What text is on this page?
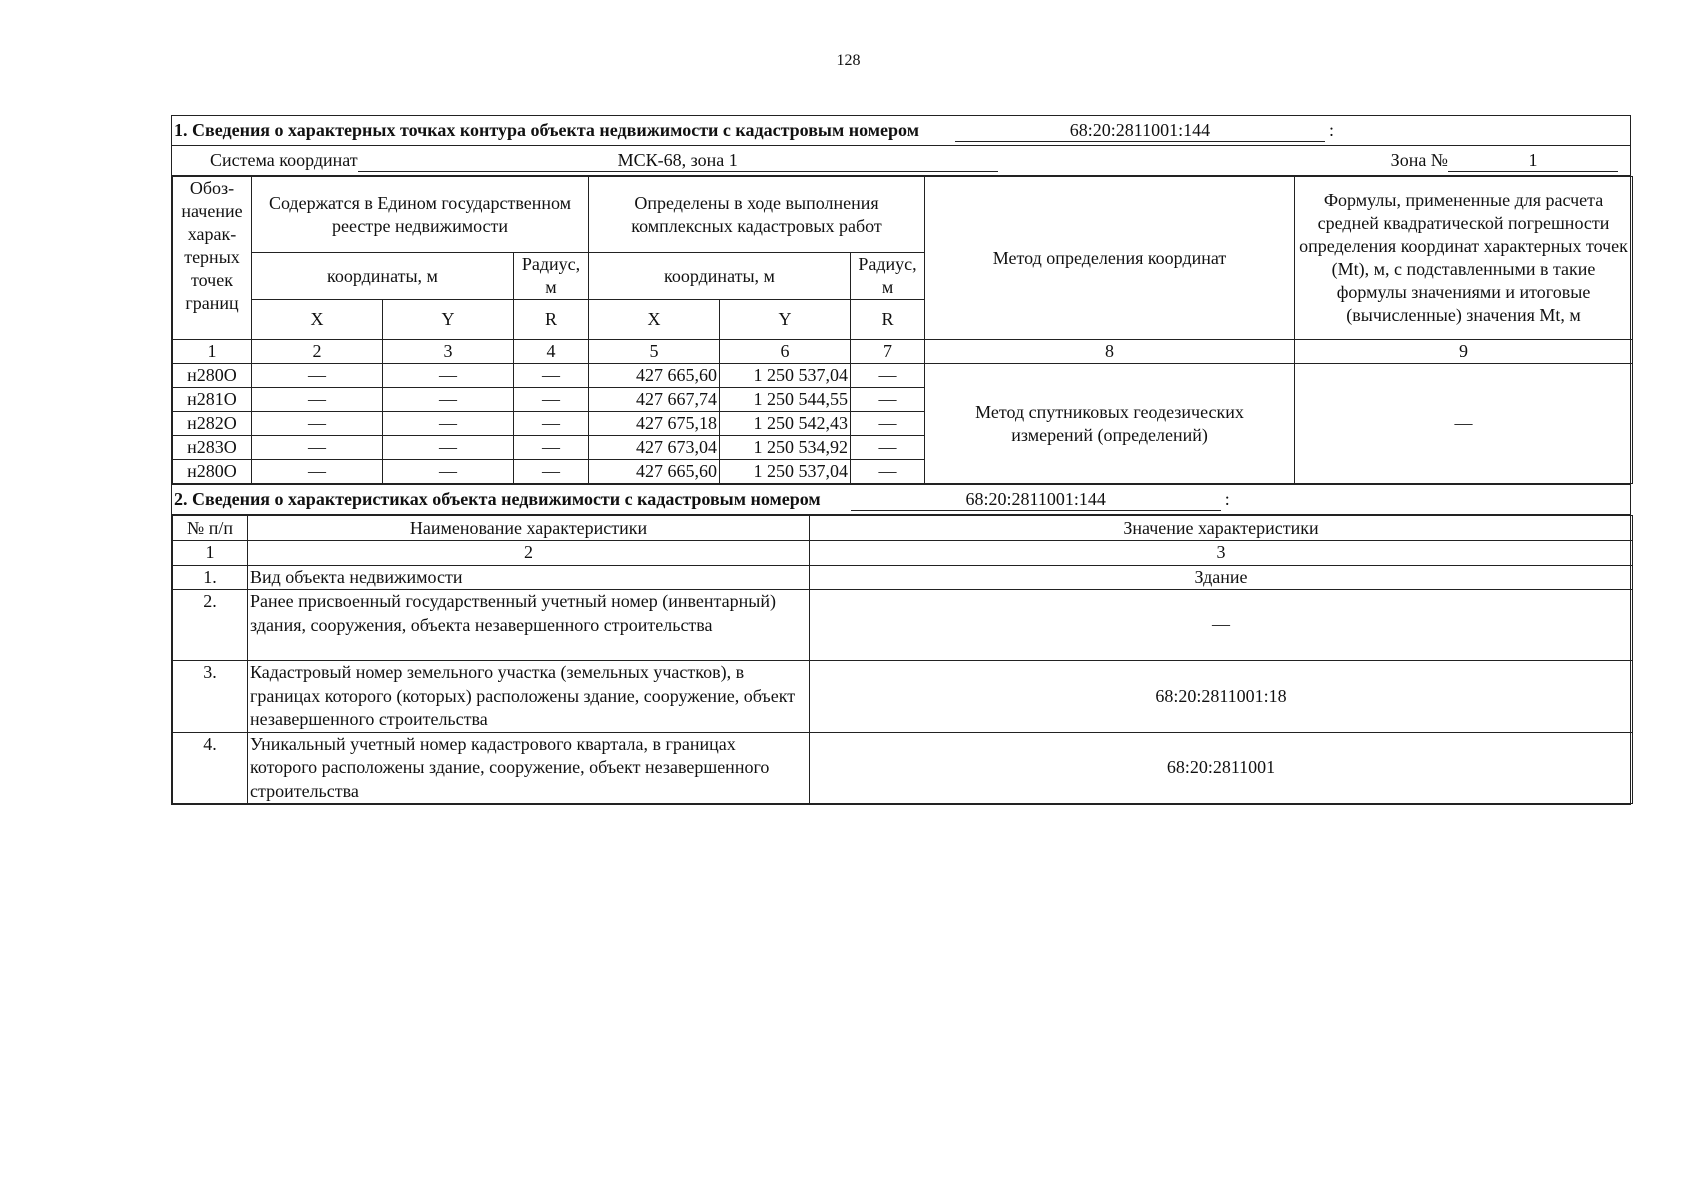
128
1. Сведения о характерных точках контура объекта недвижимости с кадастровым номером	68:20:2811001:144	:
Система координат	МСК-68, зона 1	Зона №	1
Обоз-начение харак-терных точек границ	Содержатся в Едином государственном реестре недвижимости			Определены в ходе выполнения комплексных кадастровых работ			Метод определения координат	Формулы, примененные для расчета средней квадратической погрешности определения координат характерных точек (Mt), м, с подставленными в такие формулы значениями и итоговые (вычисленные) значения Mt, м
	координаты, м		Радиус, м	координаты, м		Радиус, м		
	X	Y	R	X	Y	R		
1	2	3	4	5	6	7	8	9
н280О	—	—	—	427 665,60	1 250 537,04	—	Метод спутниковых геодезических измерений (определений)	—
н281О	—	—	—	427 667,74	1 250 544,55	—		
н282О	—	—	—	427 675,18	1 250 542,43	—		
н283О	—	—	—	427 673,04	1 250 534,92	—		
н280О	—	—	—	427 665,60	1 250 537,04	—		
2. Сведения о характеристиках объекта недвижимости с кадастровым номером	68:20:2811001:144	:
№ п/п	Наименование характеристики	Значение характеристики
1	2	3
1.	Вид объекта недвижимости	Здание
2.	Ранее присвоенный государственный учетный номер (инвентарный) здания, сооружения, объекта незавершенного строительства	—
3.	Кадастровый номер земельного участка (земельных участков), в границах которого (которых) расположены здание, сооружение, объект незавершенного строительства	68:20:2811001:18
4.	Уникальный учетный номер кадастрового квартала, в границах которого расположены здание, сооружение, объект незавершенного строительства	68:20:2811001
